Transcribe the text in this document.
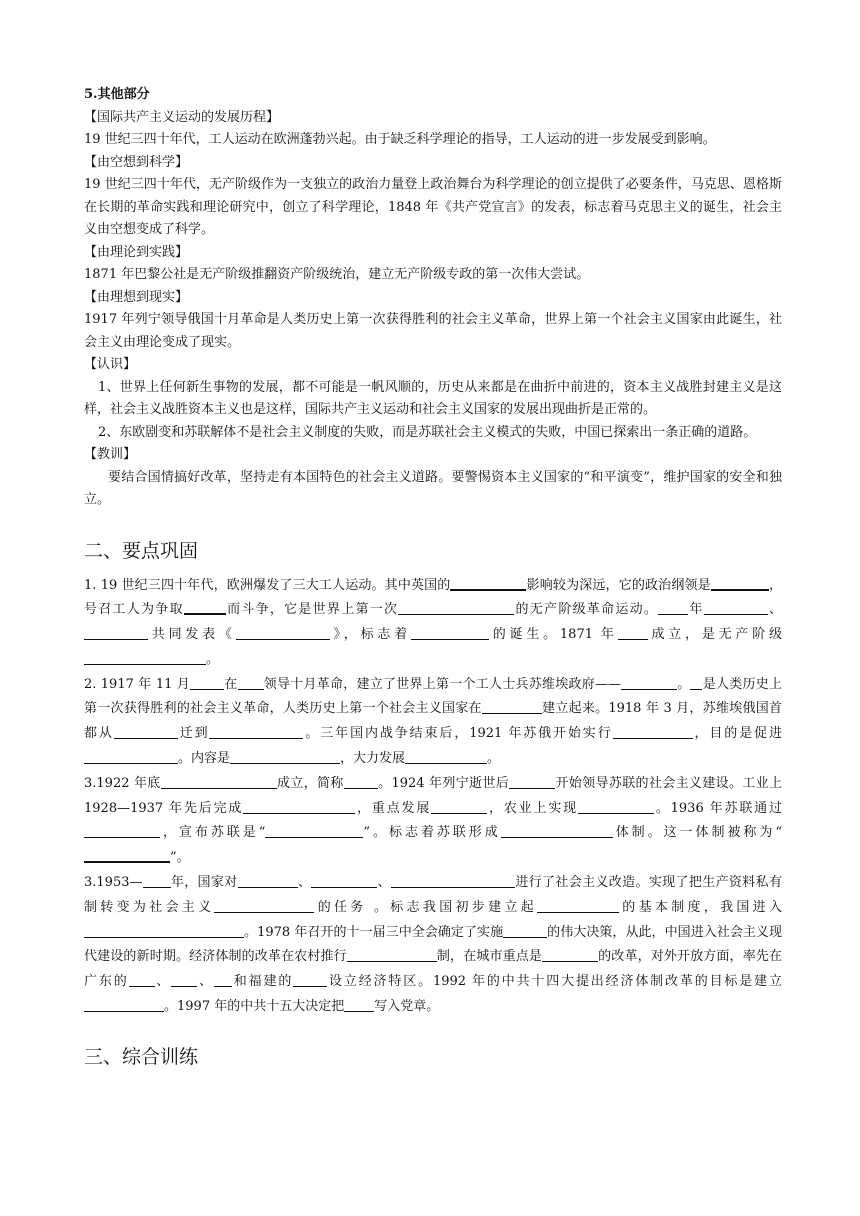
5.其他部分

【国际共产主义运动的发展历程】

19 世纪三四十年代，工人运动在欧洲蓬勃兴起。由于缺乏科学理论的指导，工人运动的进一步发展受到影响。

【由空想到科学】

19 世纪三四十年代，无产阶级作为一支独立的政治力量登上政治舞台为科学理论的创立提供了必要条件，马克思、恩格斯在长期的革命实践和理论研究中，创立了科学理论，1848 年《共产党宣言》的发表，标志着马克思主义的诞生，社会主义由空想变成了科学。

【由理论到实践】

1871 年巴黎公社是无产阶级推翻资产阶级统治，建立无产阶级专政的第一次伟大尝试。

【由理想到现实】

1917 年列宁领导俄国十月革命是人类历史上第一次获得胜利的社会主义革命，世界上第一个社会主义国家由此诞生，社会主义由理论变成了现实。

【认识】

1、世界上任何新生事物的发展，都不可能是一帆风顺的，历史从来都是在曲折中前进的，资本主义战胜封建主义是这样，社会主义战胜资本主义也是这样，国际共产主义运动和社会主义国家的发展出现曲折是正常的。

2、东欧剧变和苏联解体不是社会主义制度的失败，而是苏联社会主义模式的失败，中国已探索出一条正确的道路。

【教训】

要结合国情搞好改革，坚持走有本国特色的社会主义道路。要警惕资本主义国家的“和平演变”，维护国家的安全和独立。

二、要点巩固

1. 19 世纪三四十年代，欧洲爆发了三大工人运动。其中英国的	影响较为深远，它的政治纲领是	，号召工人为争取	而斗争，它是世界上第一次	的无产阶级革命运动。 年	、共同发表《	》，标志着	的诞生。1871 年 成立，是无产阶级。

2. 1917 年 11 月	在 领导十月革命，建立了世界上第一个工人士兵苏维埃政府——	。 是人类历史上第一次获得胜利的社会主义革命，人类历史上第一个社会主义国家在	建立起来。1918 年 3 月，苏维埃俄国首都从	迁到	。三年国内战争结束后，1921 年苏俄开始实行	，目的是促进。内容是	，大力发展	。

3.1922 年底	成立，简称	。1924 年列宁逝世后	开始领导苏联的社会主义建设。工业上 1928—1937 年先后完成	，重点发展	，农业上实现	。1936 年苏联通过，宣布苏联是“	”。标志着苏联形成	体制。这一体制被称为“”。

3.1953— 年，国家对	、	、	进行了社会主义改造。实现了把生产资料私有制转变为社会主义	的任务 。标志我国初步建立起	的基本制度，我国进入。1978 年召开的十一届三中全会确定了实施	的伟大决策，从此，中国进入社会主义现代建设的新时期。经济体制的改革在农村推行	制，在城市重点是	的改革，对外开放方面，率先在广东的 、 、 和福建的	设立经济特区。1992 年的中共十四大提出经济体制改革的目标是建立。1997 年的中共十五大决定把 写入党章。

三、综合训练
